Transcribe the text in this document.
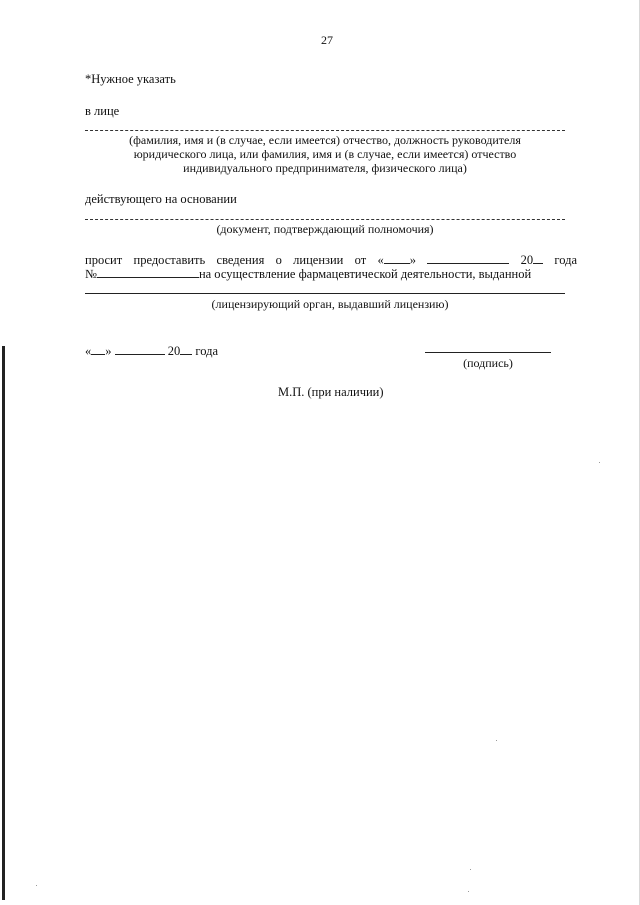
27
*Нужное указать
в лице
(фамилия, имя и (в случае, если имеется) отчество, должность руководителя
юридического лица, или фамилия, имя и (в случае, если имеется) отчество
индивидуального предпринимателя, физического лица)
действующего на основании
(документ, подтверждающий полномочия)
просит предоставить сведения о лицензии от « »	20	года
№	на осуществление фармацевтической деятельности, выданной
(лицензирующий орган, выдавший лицензию)
« »	20 года
(подпись)
М.П. (при наличии)
